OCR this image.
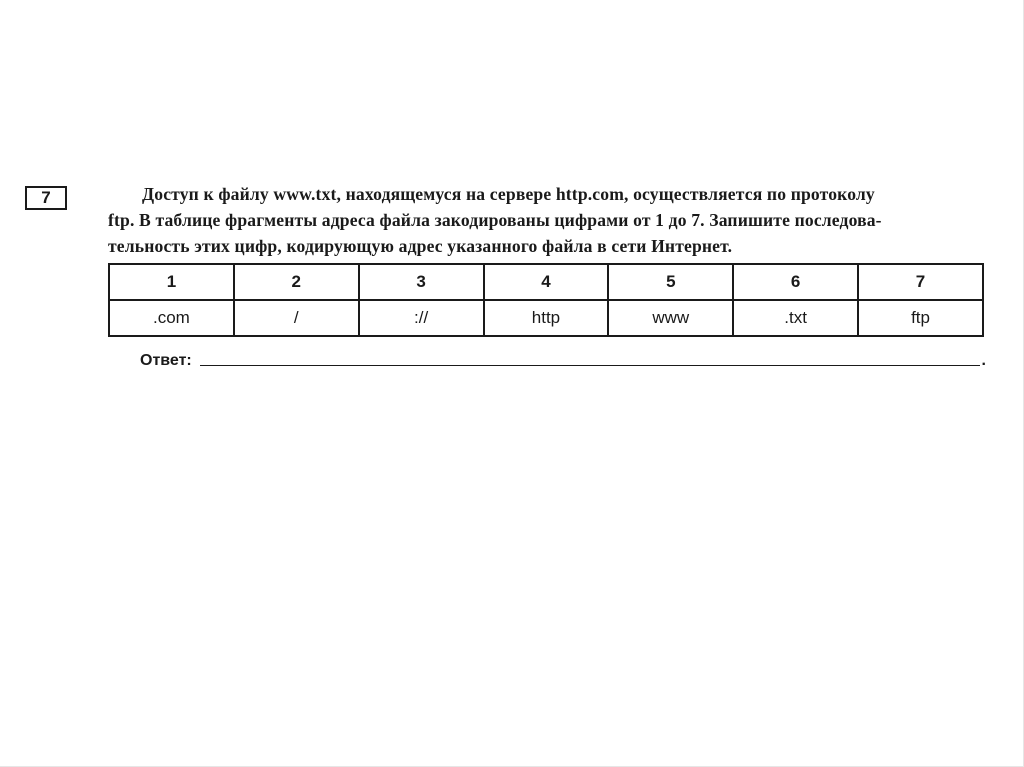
7	Доступ к файлу www.txt, находящемуся на сервере http.com, осуществляется по протоколу
ftp. В таблице фрагменты адреса файла закодированы цифрами от 1 до 7. Запишите последова-
тельность этих цифр, кодирующую адрес указанного файла в сети Интернет.
1	2	3	4	5	6	7
.com	/	://	http	www	.txt	ftp
Ответ:	.
